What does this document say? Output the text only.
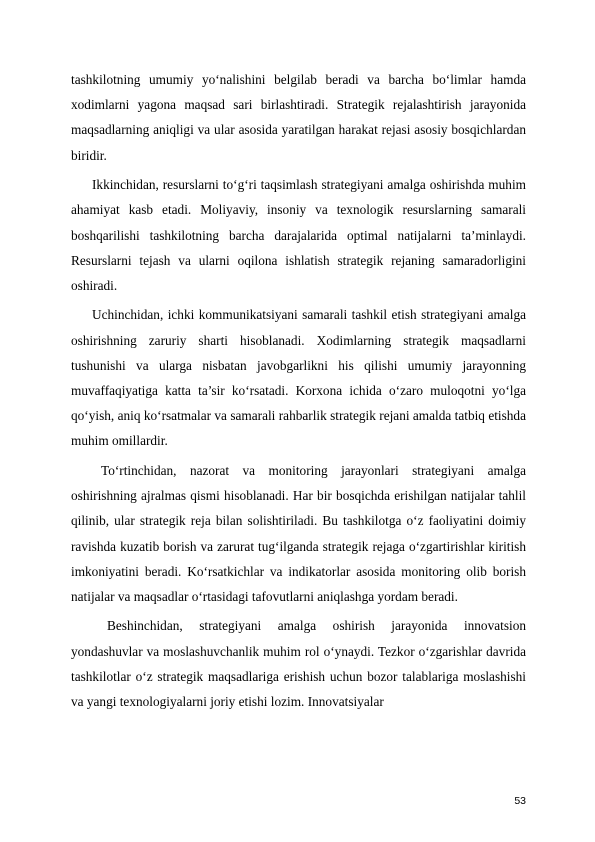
tashkilotning umumiy yo‘nalishini belgilab beradi va barcha bo‘limlar hamda xodimlarni yagona maqsad sari birlashtiradi. Strategik rejalashtirish jarayonida maqsadlarning aniqligi va ular asosida yaratilgan harakat rejasi asosiy bosqichlardan biridir.

Ikkinchidan, resurslarni to‘g‘ri taqsimlash strategiyani amalga oshirishda muhim ahamiyat kasb etadi. Moliyaviy, insoniy va texnologik resurslarning samarali boshqarilishi tashkilotning barcha darajalarida optimal natijalarni ta’minlaydi. Resurslarni tejash va ularni oqilona ishlatish strategik rejaning samaradorligini oshiradi.

Uchinchidan, ichki kommunikatsiyani samarali tashkil etish strategiyani amalga oshirishning zaruriy sharti hisoblanadi. Xodimlarning strategik maqsadlarni tushunishi va ularga nisbatan javobgarlikni his qilishi umumiy jarayonning muvaffaqiyatiga katta ta’sir ko‘rsatadi. Korxona ichida o‘zaro muloqotni yo‘lga qo‘yish, aniq ko‘rsatmalar va samarali rahbarlik strategik rejani amalda tatbiq etishda muhim omillardir.

To‘rtinchidan, nazorat va monitoring jarayonlari strategiyani amalga oshirishning ajralmas qismi hisoblanadi. Har bir bosqichda erishilgan natijalar tahlil qilinib, ular strategik reja bilan solishtiriladi. Bu tashkilotga o‘z faoliyatini doimiy ravishda kuzatib borish va zarurat tug‘ilganda strategik rejaga o‘zgartirishlar kiritish imkoniyatini beradi. Ko‘rsatkichlar va indikatorlar asosida monitoring olib borish natijalar va maqsadlar o‘rtasidagi tafovutlarni aniqlashga yordam beradi.

Beshinchidan, strategiyani amalga oshirish jarayonida innovatsion yondashuvlar va moslashuvchanlik muhim rol o‘ynaydi. Tezkor o‘zgarishlar davrida tashkilotlar o‘z strategik maqsadlariga erishish uchun bozor talablariga moslashishi va yangi texnologiyalarni joriy etishi lozim. Innovatsiyalar

53
